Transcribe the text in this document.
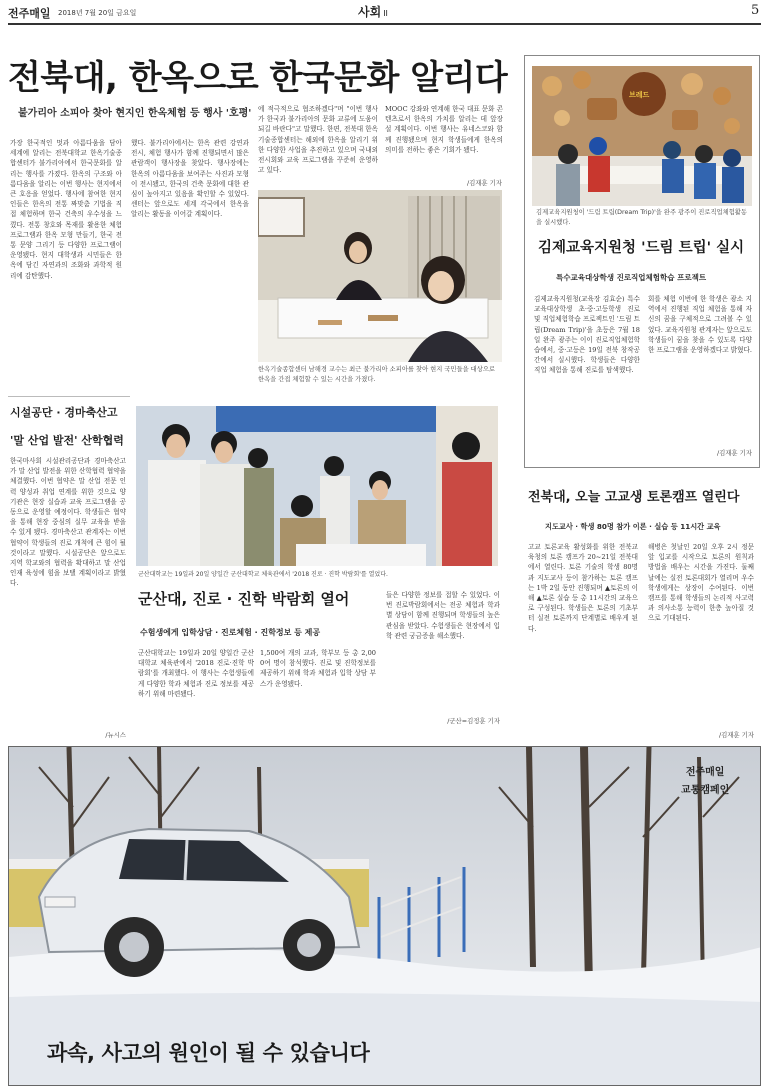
전주매일 2018년 7월 20일 금요일	사회 II	5
전북대, 한옥으로 한국문화 알리다
불가리아 소피아 찾아 현지인 한옥체험 등 행사 '호평'
가장 한국적인 멋과 아름다움을 담아 세계에 알리는 전북대학교 한옥기술종합센터가 불가리아에서 한국문화를 알리는 행사를 가졌다. 한옥의 구조와 아름다움을 알리는 이번 행사는 현지에서 큰 호응을 얻었다. 행사에 참여한 현지인들은 한옥의 전통 짜맞춤 기법을 직접 체험하며 한국 건축의 우수성을 느꼈다. 전통 창호와 목재를 활용한 체험 프로그램과 한옥 모형 만들기, 한국 전통 문양 그리기 등 다양한 프로그램이 운영됐다. 현지 대학생과 시민들은 한옥에 담긴 자연과의 조화와 과학적 원리에 감탄했다.
했다. 불가리아에서는 한옥 관련 강연과 전시, 체험 행사가 함께 진행되면서 많은 관람객이 행사장을 찾았다. 행사장에는 한옥의 아름다움을 보여주는 사진과 모형이 전시됐고, 한국의 건축 문화에 대한 관심이 높아지고 있음을 확인할 수 있었다. 센터는 앞으로도 세계 각국에서 한옥을 알리는 활동을 이어갈 계획이다.
에 적극적으로 협조하겠다"며 "이번 행사가 한국과 불가리아의 문화 교류에 도움이 되길 바란다"고 말했다. 한편, 전북대 한옥기술종합센터는 해외에 한옥을 알리기 위한 다양한 사업을 추진하고 있으며 국내외 전시회와 교육 프로그램을 꾸준히 운영하고 있다.
MOOC 강좌와 연계해 한국 대표 문화 콘텐츠로서 한옥의 가치를 알리는 데 앞장설 계획이다. 이번 행사는 유네스코와 함께 진행됐으며 현지 학생들에게 한옥의 의미를 전하는 좋은 기회가 됐다.
/김재훈 기자
한옥기술종합센터 남해경 교수는 최근 불가리아 소피아를 찾아 현지 국민들을 대상으로 한옥을 간접 체험할 수 있는 시간을 가졌다.
브레드
김제교육지원청이 '드림 트립(Dream Trip)'을 완주 광주이 진로직업체험활동을 실시했다.
김제교육지원청 '드림 트립' 실시
특수교육대상학생 진로직업체험학습 프로젝트
김제교육지원청(교육장 김효순) 특수교육대상학생 초·중·고등학생 진로 및 직업체험학습 프로젝트인 '드림 트립(Dream Trip)'을 초등은 7월 18일 완주 광주는 이이 진로직업체험학습에서, 중·고등은 19일 전북 창작공간에서 실시했다. 학생들은 다양한 직업 체험을 통해 진로를 탐색했다.
회를 체험 이번에 한 학생은 광소 지역에서 진행된 직업 체험을 통해 자신의 꿈을 구체적으로 그려볼 수 있었다. 교육지원청 관계자는 앞으로도 학생들이 꿈을 찾을 수 있도록 다양한 프로그램을 운영하겠다고 밝혔다.
/김재훈 기자
전북대, 오늘 고교생 토론캠프 열린다
지도교사 · 학생 80명 참가 이론 · 실습 등 11시간 교육
고교 토론교육 활성화를 위한 전북교육청의 토론 캠프가 20~21일 전북대에서 열린다. 토론 기술의 학생 80명과 지도교사 등이 참가하는 토론 캠프는 1박 2일 동안 진행되며 ▲토론의 이해 ▲토론 실습 등 총 11시간의 교육으로 구성된다. 학생들은 토론의 기초부터 실전 토론까지 단계별로 배우게 된다.
해병은 첫날인 20일 오후 2시 정문 앞 입교를 시작으로 토론의 원칙과 방법을 배우는 시간을 가진다. 둘째 날에는 실전 토론대회가 열리며 우수 학생에게는 상장이 수여된다. 이번 캠프를 통해 학생들의 논리적 사고력과 의사소통 능력이 한층 높아질 것으로 기대된다.
/김재훈 기자
시설공단 · 경마축산고
'말 산업 발전' 산학협력
한국마사회 시설관리공단과 경마축산고가 말 산업 발전을 위한 산학협력 협약을 체결했다. 이번 협약은 말 산업 전문 인력 양성과 취업 연계를 위한 것으로 양 기관은 현장 실습과 교육 프로그램을 공동으로 운영할 예정이다. 학생들은 협약을 통해 현장 중심의 실무 교육을 받을 수 있게 됐다. 경마축산고 관계자는 이번 협약이 학생들의 진로 개척에 큰 힘이 될 것이라고 말했다. 시설공단은 앞으로도 지역 학교와의 협력을 확대하고 말 산업 인재 육성에 힘을 보탤 계획이라고 밝혔다.
/뉴시스
군산대학교는 19일과 20일 양일간 군산대학교 체육관에서 '2018 진로 · 진학 박람회'를 열었다.
군산대, 진로 · 진학 박람회 열어
수험생에게 입학상담 · 진로체험 · 진학정보 등 제공
군산대학교는 19일과 20일 양일간 군산대학교 체육관에서 '2018 진로·진학 박람회'를 개최했다. 이 행사는 수험생들에게 다양한 학과 체험과 진로 정보를 제공하기 위해 마련됐다.
1,500여 개의 교과, 학부모 등 총 2,000여 명이 참석했다. 진로 및 진학정보를 제공하기 위해 학과 체험과 입학 상담 부스가 운영됐다.
들은 다양한 정보를 접할 수 있었다. 이번 진로박람회에서는 전공 체험과 학과별 상담이 함께 진행되며 학생들의 높은 관심을 받았다. 수험생들은 현장에서 입학 관련 궁금증을 해소했다.
/군산=김정훈 기자
전주매일
교통캠페인
과속, 사고의 원인이 될 수 있습니다
